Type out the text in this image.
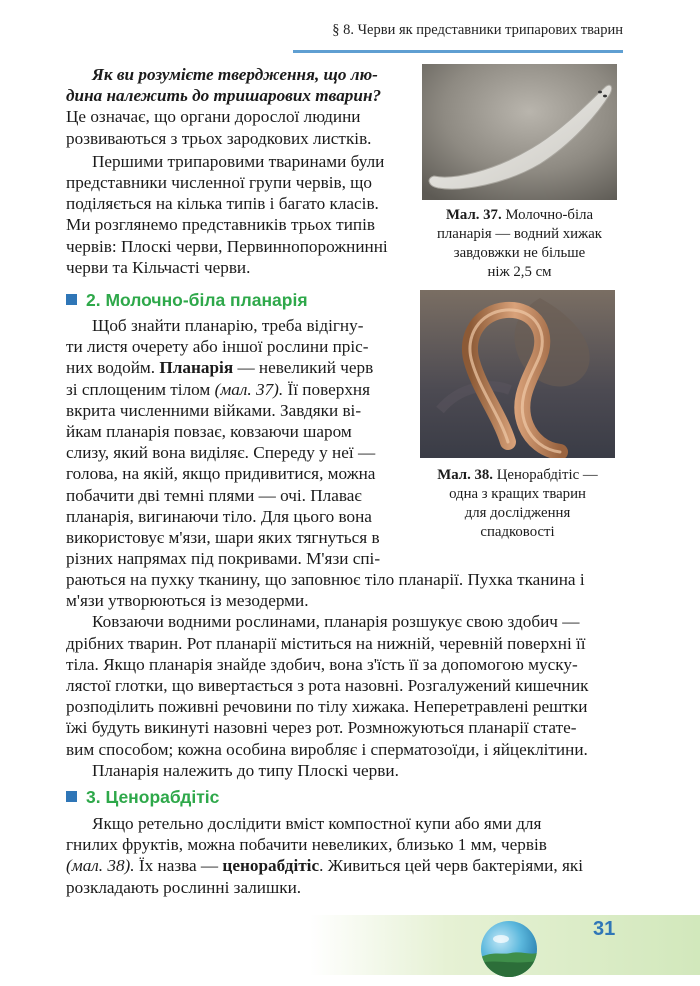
§ 8. Черви як представники трипарових тварин

Як ви розумієте твердження, що лю-
дина належить до тришарових тварин?

Це означає, що органи дорослої людини
розвиваються з трьох зародкових листків.

Першими трипаровими тваринами були
представники численної групи червів, що
поділяється на кілька типів і багато класів.
Ми розглянемо представників трьох типів
червів: Плоскі черви, Первиннопорожнинні
черви та Кільчасті черви.

Мал. 37. Молочно-біла
планарія — водний хижак
завдовжки не більше
ніж 2,5 см
2. Молочно-біла планарія

Щоб знайти планарію, треба відігну-
ти листя очерету або іншої рослини пріс-
них водойм. Планарія — невеликий черв
зі сплощеним тілом (мал. 37). Її поверхня
вкрита численними війками. Завдяки ві-
йкам планарія повзає, ковзаючи шаром
слизу, який вона виділяє. Спереду у неї —
голова, на якій, якщо придивитися, можна
побачити дві темні плями — очі. Плаває
планарія, вигинаючи тіло. Для цього вона
використовує м'язи, шари яких тягнуться в
різних напрямах під покривами. М'язи спі-

Мал. 38. Ценорабдітіс —
одна з кращих тварин
для дослідження
спадковості

раються на пухку тканину, що заповнює тіло планарії. Пухка тканина і
м'язи утворюються із мезодерми.

Ковзаючи водними рослинами, планарія розшукує свою здобич —
дрібних тварин. Рот планарії міститься на нижній, черевній поверхні її
тіла. Якщо планарія знайде здобич, вона з'їсть її за допомогою муску-
лястої глотки, що вивертається з рота назовні. Розгалужений кишечник
розподілить поживні речовини по тілу хижака. Неперетравлені рештки
їжі будуть викинуті назовні через рот. Розмножуються планарії стате-
вим способом; кожна особина виробляє і сперматозоїди, і яйцеклітини.

Планарія належить до типу Плоскі черви.

3. Ценорабдітіс

Якщо ретельно дослідити вміст компостної купи або ями для
гнилих фруктів, можна побачити невеликих, близько 1 мм, червів
(мал. 38). Їх назва — ценорабдітіс. Живиться цей черв бактеріями, які
розкладають рослинні залишки.

31
